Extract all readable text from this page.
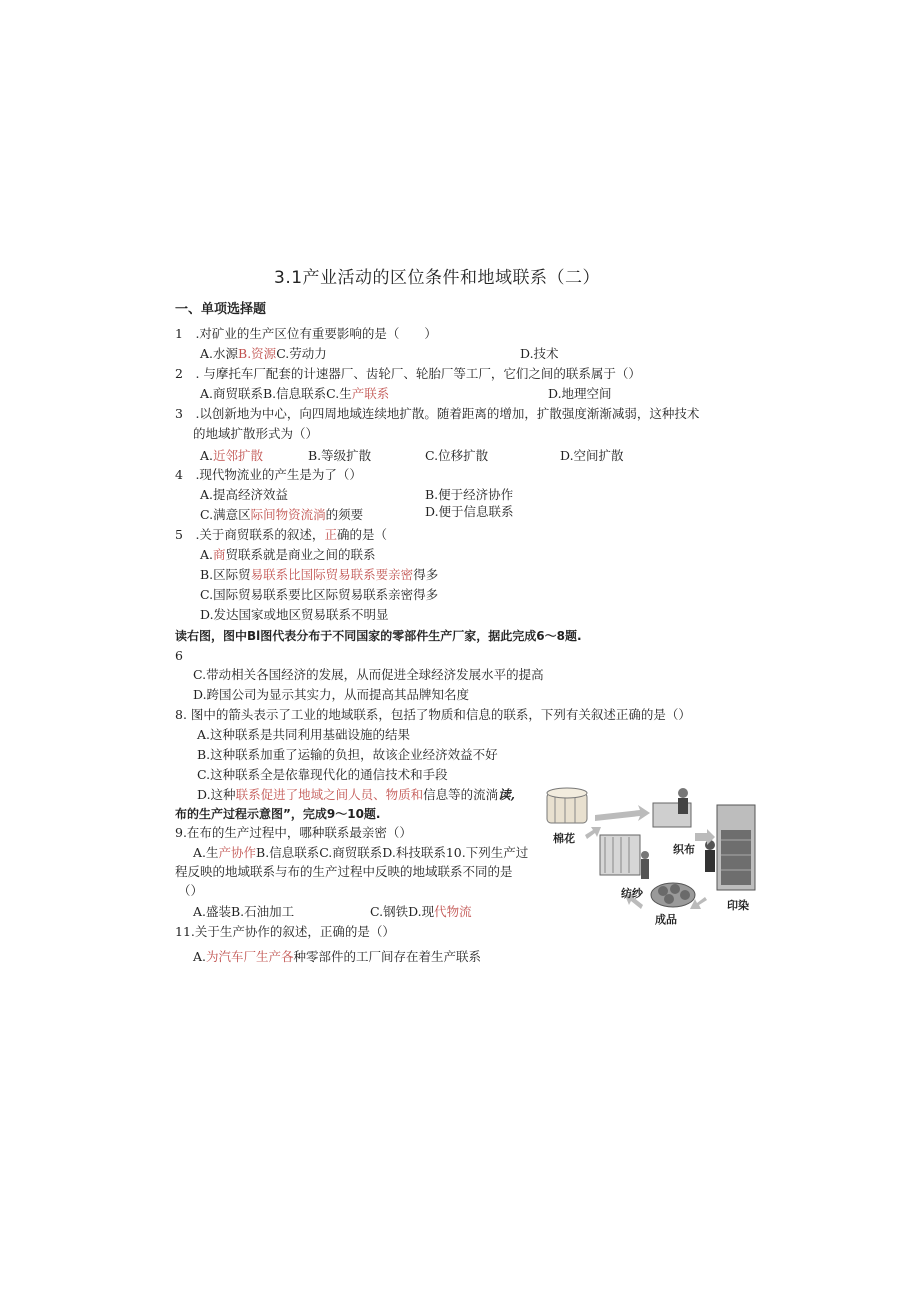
3.1产业活动的区位条件和地域联系（二）
一、单项选择题
1　.对矿业的生产区位有重要影响的是（　　）
A.水源B.资源C.劳动力	D.技术
2　. 与摩托车厂配套的计速器厂、齿轮厂、轮胎厂等工厂，它们之间的联系属于（）
A.商贸联系B.信息联系C.生产联系	D.地理空间
3　.以创新地为中心，向四周地域连续地扩散。随着距离的增加，扩散强度渐渐减弱，这种技术
的地域扩散形式为（）
A.近邻扩散	B.等级扩散	C.位移扩散	D.空间扩散
4　.现代物流业的产生是为了（）
A.提高经济效益	B.便于经济协作
C.满意区际间物资流淌的须要	D.便于信息联系
5　.关于商贸联系的叙述，正确的是（
A.商贸联系就是商业之间的联系
B.区际贸易联系比国际贸易联系要亲密得多
C.国际贸易联系要比区际贸易联系亲密得多
D.发达国家或地区贸易联系不明显
读右图，图中Bl图代表分布于不同国家的零部件生产厂家，据此完成6～8题.
6
C.带动相关各国经济的发展，从而促进全球经济发展水平的提高
D.跨国公司为显示其实力，从而提高其品牌知名度
8. 图中的箭头表示了工业的地域联系，包括了物质和信息的联系，下列有关叙述正确的是（）
A.这种联系是共同利用基础设施的结果
B.这种联系加重了运输的负担，故该企业经济效益不好
C.这种联系全是依靠现代化的通信技术和手段
D.这种联系促进了地域之间人员、物质和信息等的流淌读,
布的生产过程示意图”，完成9～10题.
9.在布的生产过程中，哪种联系最亲密（）
A.生产协作B.信息联系C.商贸联系D.科技联系10.下列生产过
程反映的地域联系与布的生产过程中反映的地域联系不同的是
（）
A.盛装B.石油加工	C.钢铁D.现代物流
11.关于生产协作的叙述，正确的是（）
A.为汽车厂生产各种零部件的工厂间存在着生产联系
棉花
织布
纺纱
印染
成品
